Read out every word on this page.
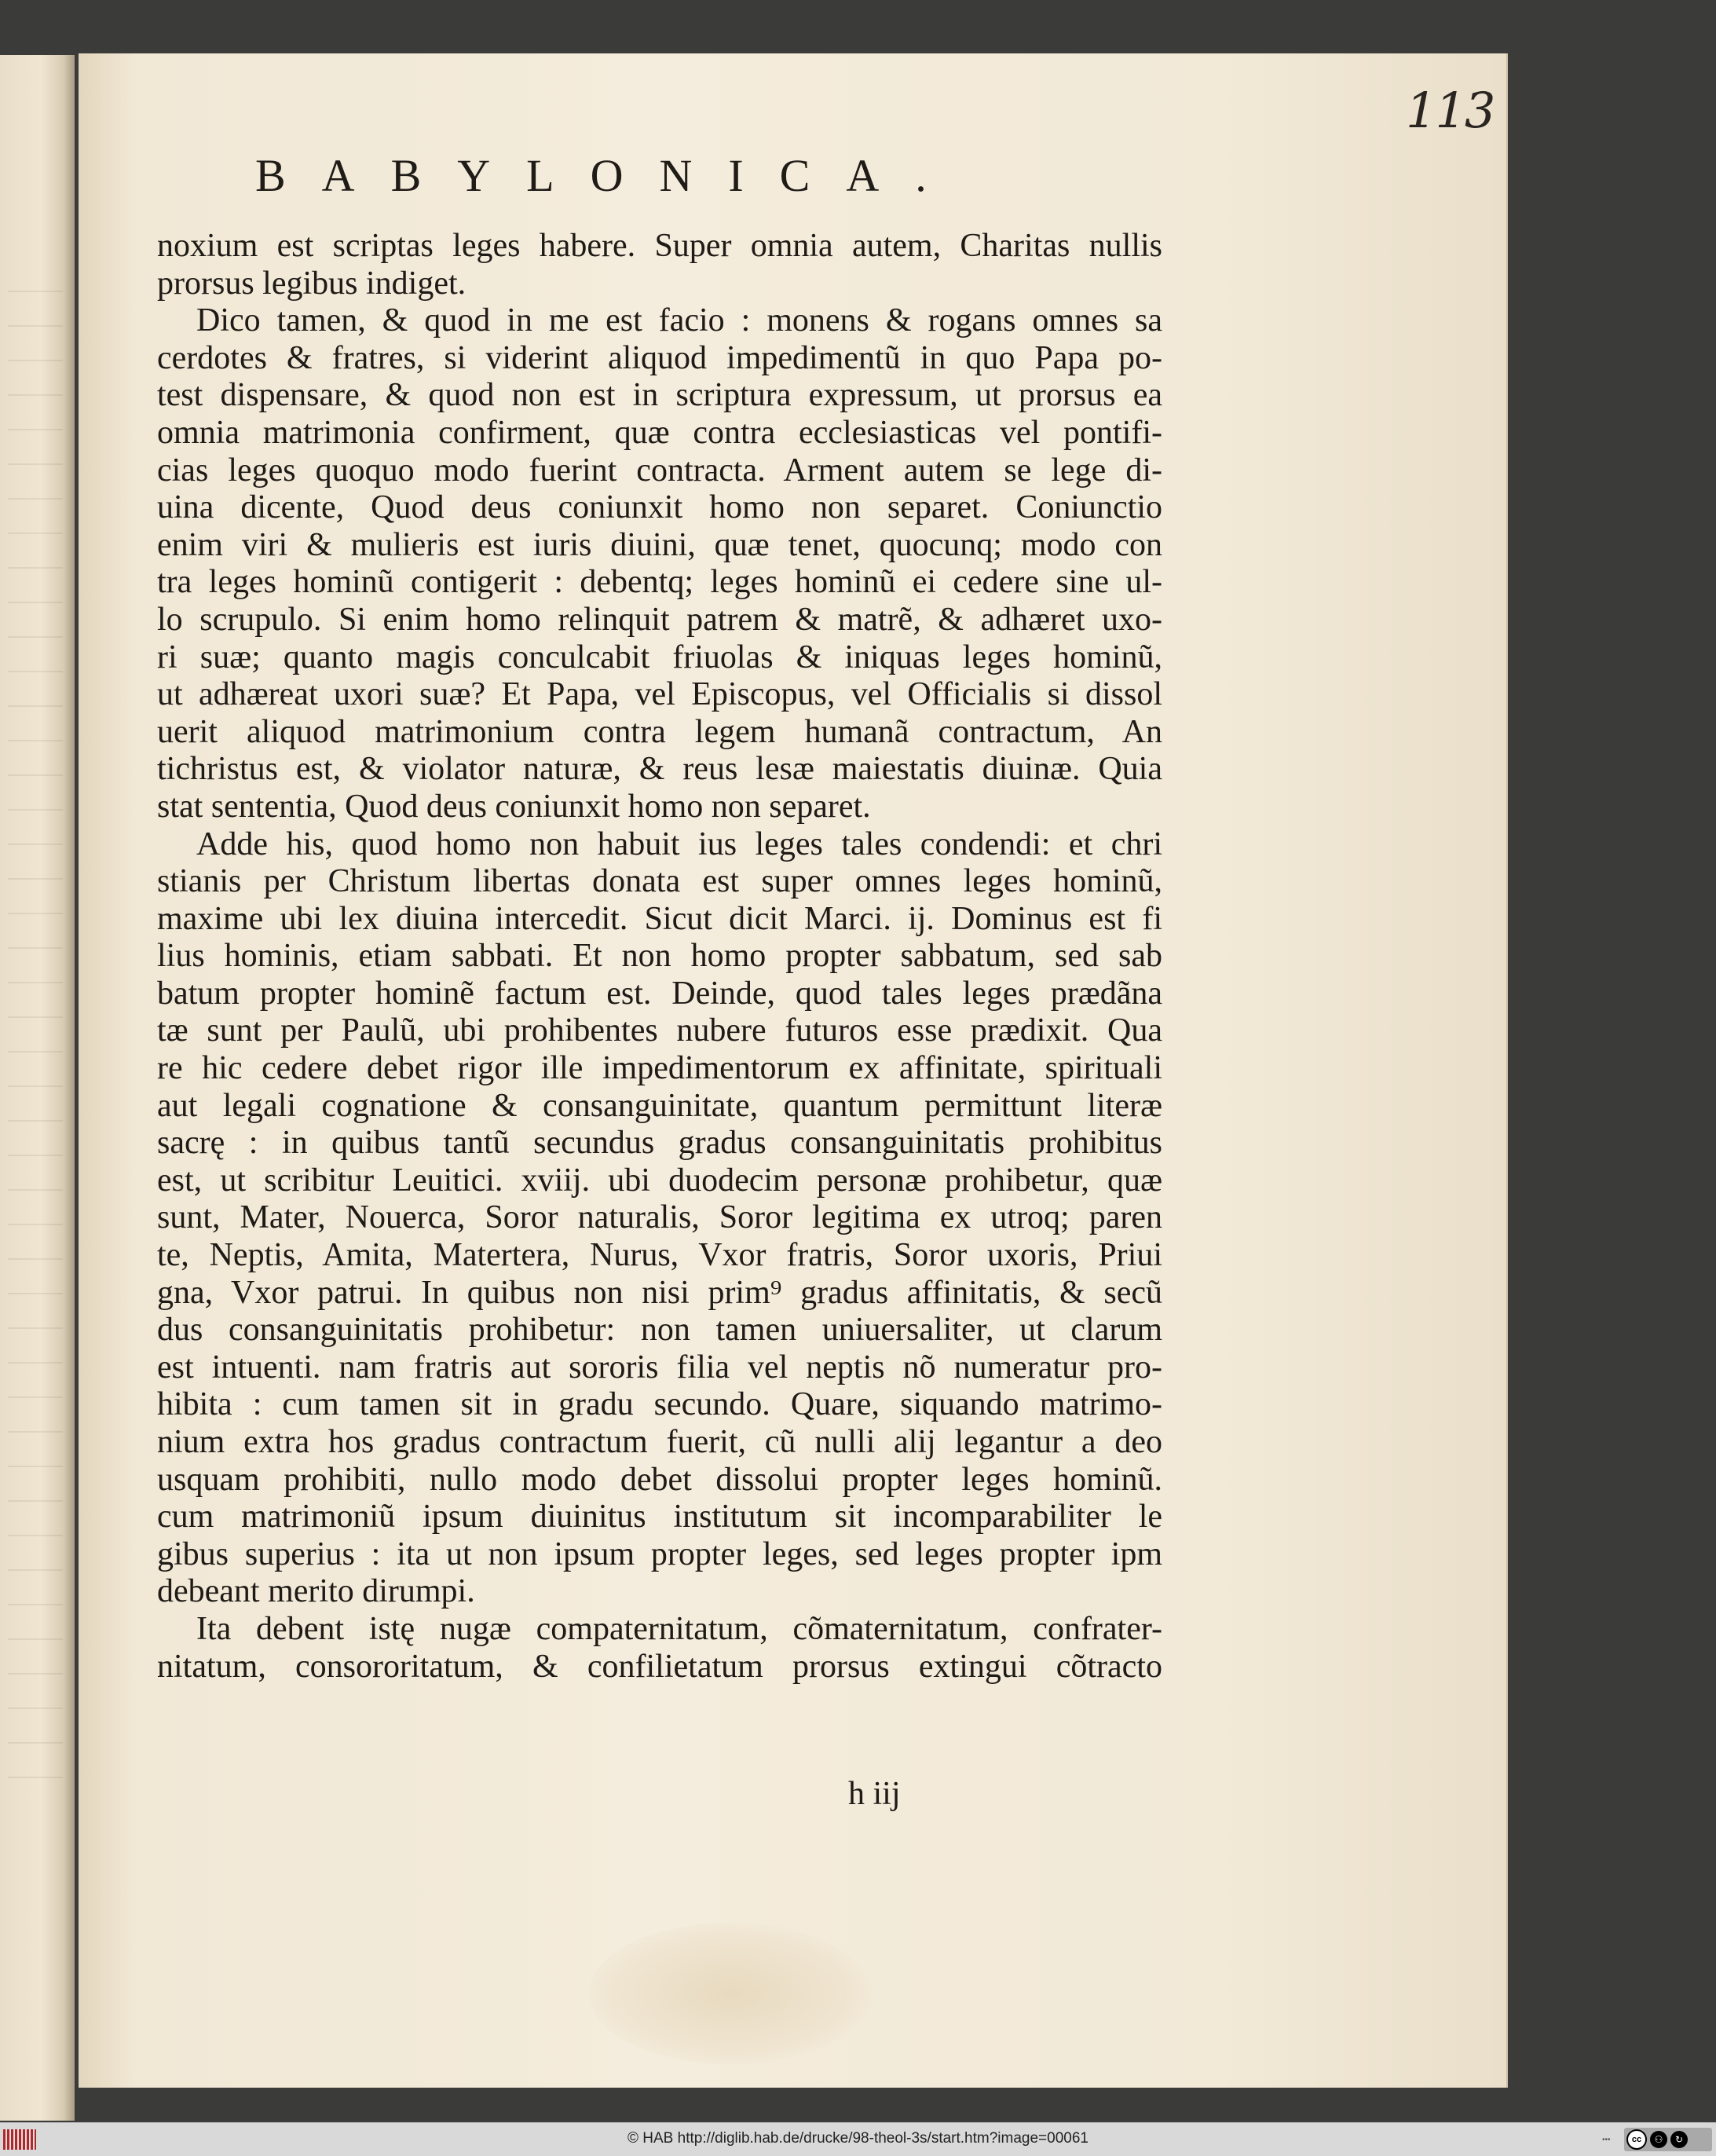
113
BABYLONICA.
noxium est scriptas leges habere. Super omnia autem, Charitas nullis
prorsus legibus indiget.
Dico tamen, & quod in me est facio : monens & rogans omnes sa
cerdotes & fratres, si viderint aliquod impedimentũ in quo Papa po-
test dispensare, & quod non est in scriptura expressum, ut prorsus ea
omnia matrimonia confirment, quæ contra ecclesiasticas vel pontifi-
cias leges quoquo modo fuerint contracta. Arment autem se lege di-
uina dicente, Quod deus coniunxit homo non separet. Coniunctio
enim viri & mulieris est iuris diuini, quæ tenet, quocunq; modo con
tra leges hominũ contigerit : debentq; leges hominũ ei cedere sine ul-
lo scrupulo. Si enim homo relinquit patrem & matrẽ, & adhæret uxo-
ri suæ; quanto magis conculcabit friuolas & iniquas leges hominũ,
ut adhæreat uxori suæ? Et Papa, vel Episcopus, vel Officialis si dissol
uerit aliquod matrimonium contra legem humanã contractum, An
tichristus est, & violator naturæ, & reus lesæ maiestatis diuinæ. Quia
stat sententia, Quod deus coniunxit homo non separet.
Adde his, quod homo non habuit ius leges tales condendi: et chri
stianis per Christum libertas donata est super omnes leges hominũ,
maxime ubi lex diuina intercedit. Sicut dicit Marci. ij. Dominus est fi
lius hominis, etiam sabbati. Et non homo propter sabbatum, sed sab
batum propter hominẽ factum est. Deinde, quod tales leges prædãna
tæ sunt per Paulũ, ubi prohibentes nubere futuros esse prædixit. Qua
re hic cedere debet rigor ille impedimentorum ex affinitate, spirituali
aut legali cognatione & consanguinitate, quantum permittunt literæ
sacrę : in quibus tantũ secundus gradus consanguinitatis prohibitus
est, ut scribitur Leuitici. xviij. ubi duodecim personæ prohibetur, quæ
sunt, Mater, Nouerca, Soror naturalis, Soror legitima ex utroq; paren
te, Neptis, Amita, Matertera, Nurus, Vxor fratris, Soror uxoris, Priui
gna, Vxor patrui. In quibus non nisi prim⁹ gradus affinitatis, & secũ
dus consanguinitatis prohibetur: non tamen uniuersaliter, ut clarum
est intuenti. nam fratris aut sororis filia vel neptis nõ numeratur pro-
hibita : cum tamen sit in gradu secundo. Quare, siquando matrimo-
nium extra hos gradus contractum fuerit, cũ nulli alij legantur a deo
usquam prohibiti, nullo modo debet dissolui propter leges hominũ.
cum matrimoniũ ipsum diuinitus institutum sit incomparabiliter le
gibus superius : ita ut non ipsum propter leges, sed leges propter ipm
debeant merito dirumpi.
Ita debent istę nugæ compaternitatum, cõmaternitatum, confrater-
nitatum, consororitatum, & confilietatum prorsus extingui cõtracto
h iij
© HAB http://diglib.hab.de/drucke/98-theol-3s/start.htm?image=00061	•••	cc	⚇	↻
